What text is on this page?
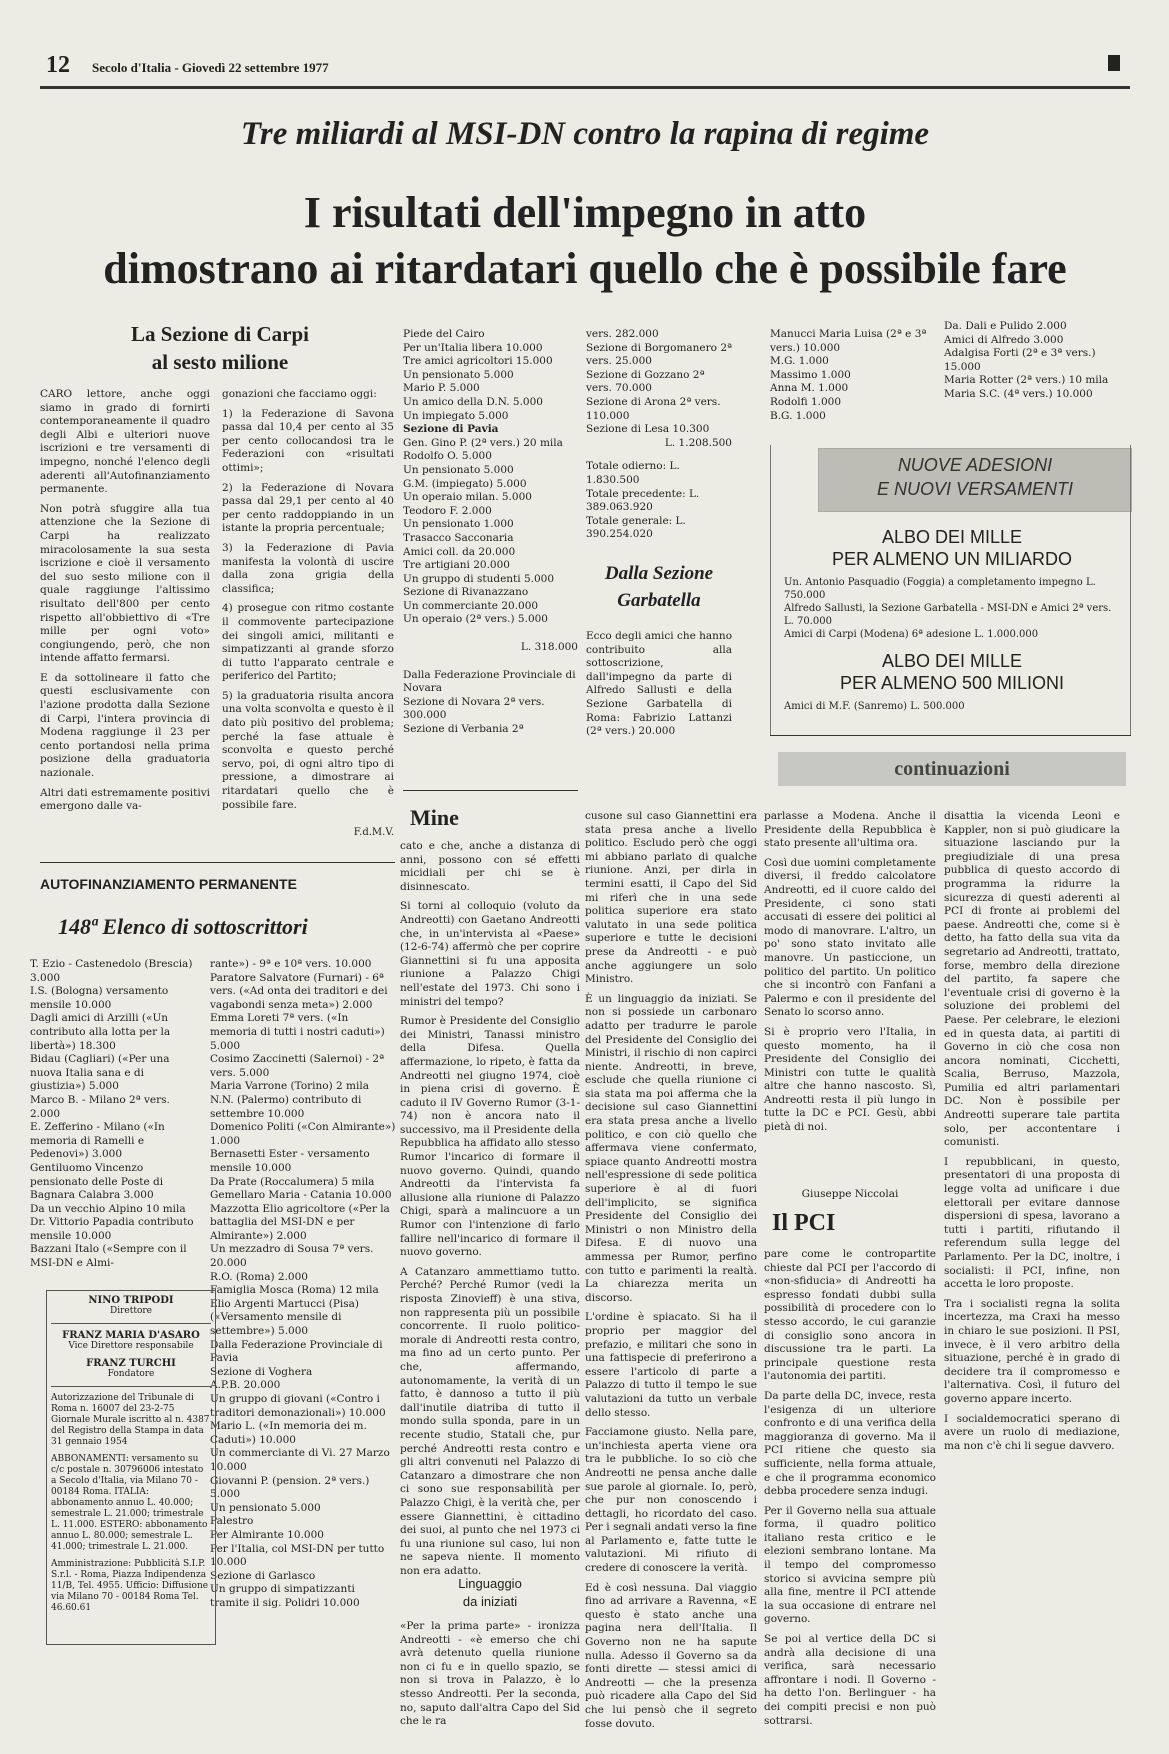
12 Secolo d'Italia - Giovedì 22 settembre 1977
Tre miliardi al MSI-DN contro la rapina di regime
I risultati dell'impegno in atto
dimostrano ai ritardatari quello che è possibile fare
La Sezione di Carpi
al sesto milione

CARO lettore, anche oggi siamo in grado di fornirti contemporaneamente il quadro degli Albi e ulteriori nuove iscrizioni e tre versamenti di impegno, nonché l'elenco degli aderenti all'Autofinanziamento permanente.

Non potrà sfuggire alla tua attenzione che la Sezione di Carpi ha realizzato miracolosamente la sua sesta iscrizione e cioè il versamento del suo sesto milione con il quale raggiunge l'altissimo risultato dell'800 per cento rispetto all'obbiettivo di «Tre mille per ogni voto» congiungendo, però, che non intende affatto fermarsi.

E da sottolineare il fatto che questi esclusivamente con l'azione prodotta dalla Sezione di Carpi, l'intera provincia di Modena raggiunge il 23 per cento portandosi nella prima posizione della graduatoria nazionale.

Altri dati estremamente positivi emergono dalle va-

gonazioni che facciamo oggi:

1) la Federazione di Savona passa dal 10,4 per cento al 35 per cento collocandosi tra le Federazioni con «risultati ottimi»;

2) la Federazione di Novara passa dal 29,1 per cento al 40 per cento raddoppiando in un istante la propria percentuale;

3) la Federazione di Pavia manifesta la volontà di uscire dalla zona grigia della classifica;

4) prosegue con ritmo costante il commovente partecipazione dei singoli amici, militanti e simpatizzanti al grande sforzo di tutto l'apparato centrale e periferico del Partito;

5) la graduatoria risulta ancora una volta sconvolta e questo è il dato più positivo del problema; perché la fase attuale è sconvolta e questo perché servo, poi, di ogni altro tipo di pressione, a dimostrare ai ritardatari quello che è possibile fare.

F.d.M.V.
Piede del Cairo
Per un'Italia libera 10.000
Tre amici agricoltori 15.000
Un pensionato 5.000
Mario P. 5.000
Un amico della D.N. 5.000
Un impiegato 5.000
Sezione di Pavia
Gen. Gino P. (2ª vers.) 20 mila
Rodolfo O. 5.000
Un pensionato 5.000
G.M. (impiegato) 5.000
Un operaio milan. 5.000
Teodoro F. 2.000
Un pensionato 1.000
Trasacco Sacconaria
Amici coll. da 20.000
Tre artigiani 20.000
Un gruppo di studenti 5.000
Sezione di Rivanazzano
Un commerciante 20.000
Un operaio (2ª vers.) 5.000
L. 318.000
Dalla Federazione Provinciale di Novara
Sezione di Novara 2ª vers. 300.000
Sezione di Verbania 2ª
vers. 282.000
Sezione di Borgomanero 2ª vers. 25.000
Sezione di Gozzano 2ª vers. 70.000
Sezione di Arona 2ª vers. 110.000
Sezione di Lesa 10.300
L. 1.208.500
Totale odierno: L. 1.830.500
Totale precedente: L. 389.063.920
Totale generale: L. 390.254.020
Dalla Sezione
Garbatella
Ecco degli amici che hanno contribuito alla sottoscrizione, dall'impegno da parte di Alfredo Sallusti e della Sezione Garbatella di Roma: Fabrizio Lattanzi (2ª vers.) 20.000
Manucci Maria Luisa (2ª e 3ª vers.) 10.000
M.G. 1.000
Massimo 1.000
Anna M. 1.000
Rodolfi 1.000
B.G. 1.000
Da. Dali e Pulido 2.000
Amici di Alfredo 3.000
Adalgisa Forti (2ª e 3ª vers.) 15.000
Maria Rotter (2ª vers.) 10 mila
Maria S.C. (4ª vers.) 10.000
NUOVE ADESIONI
E NUOVI VERSAMENTI
ALBO DEI MILLE
PER ALMENO UN MILIARDO
Un. Antonio Pasquadio (Foggia) a completamento impegno L. 750.000
Alfredo Sallusti, la Sezione Garbatella - MSI-DN e Amici 2ª vers. L. 70.000
Amici di Carpi (Modena) 6ª adesione L. 1.000.000
ALBO DEI MILLE
PER ALMENO 500 MILIONI
Amici di M.F. (Sanremo) L. 500.000
continuazioni
AUTOFINANZIAMENTO PERMANENTE
148ª Elenco di sottoscrittori
T. Ezio - Castenedolo (Brescia) 3.000
I.S. (Bologna) versamento mensile 10.000
Dagli amici di Arzilli («Un contributo alla lotta per la libertà») 18.300
Bidau (Cagliari) («Per una nuova Italia sana e di giustizia») 5.000
Marco B. - Milano 2ª vers. 2.000
E. Zefferino - Milano («In memoria di Ramelli e Pedenovi») 3.000
Gentiluomo Vincenzo pensionato delle Poste di Bagnara Calabra 3.000
Da un vecchio Alpino 10 mila
Dr. Vittorio Papadia contributo mensile 10.000
Bazzani Italo («Sempre con il MSI-DN e Almi-
rante») - 9ª e 10ª vers. 10.000
Paratore Salvatore (Furnari) - 6ª vers. («Ad onta dei traditori e dei vagabondi senza meta») 2.000
Emma Loreti 7ª vers. («In memoria di tutti i nostri caduti») 5.000
Cosimo Zaccinetti (Salernoi) - 2ª vers. 5.000
Maria Varrone (Torino) 2 mila
N.N. (Palermo) contributo di settembre 10.000
Domenico Politi («Con Almirante») 1.000
Bernasetti Ester - versamento mensile 10.000
Da Prate (Roccalumera) 5 mila
Gemellaro Maria - Catania 10.000
Mazzotta Elio agricoltore («Per la battaglia del MSI-DN e per Almirante») 2.000
Un mezzadro di Sousa 7ª vers. 20.000
R.O. (Roma) 2.000
Famiglia Mosca (Roma) 12 mila
Elio Argenti Martucci (Pisa) («Versamento mensile di settembre») 5.000
Dalla Federazione Provinciale di Pavia
Sezione di Voghera
A.P.B. 20.000
Un gruppo di giovani («Contro i traditori demonazionali») 10.000
Mario L. («In memoria dei m. Caduti») 10.000
Un commerciante di Vi. 27 Marzo 10.000
Giovanni P. (pension. 2ª vers.) 5.000
Un pensionato 5.000
Palestro
Per Almirante 10.000
Per l'Italia, col MSI-DN per tutto 10.000
Sezione di Garlasco
Un gruppo di simpatizzanti tramite il sig. Polidri 10.000
NINO TRIPODI
Direttore
FRANZ MARIA D'ASARO
Vice Direttore responsabile
FRANZ TURCHI
Fondatore

Autorizzazione del Tribunale di Roma n. 16007 del 23-2-75 Giornale Murale iscritto al n. 4387 del Registro della Stampa in data 31 gennaio 1954

ABBONAMENTI: versamento su c/c postale n. 30796006 intestato a Secolo d'Italia, via Milano 70 - 00184 Roma. ITALIA: abbonamento annuo L. 40.000; semestrale L. 21.000; trimestrale L. 11.000. ESTERO: abbonamento annuo L. 80.000; semestrale L. 41.000; trimestrale L. 21.000.

Amministrazione: Pubblicità S.I.P. S.r.l. - Roma, Piazza Indipendenza 11/B, Tel. 4955. Ufficio: Diffusione via Milano 70 - 00184 Roma Tel. 46.60.61

Mine

cato e che, anche a distanza di anni, possono con sé effetti micidiali per chi se è disinnescato.

Si torni al colloquio (voluto da Andreotti) con Gaetano Andreotti che, in un'intervista al «Paese» (12-6-74) affermò che per coprire Giannettini si fu una apposita riunione a Palazzo Chigi nell'estate del 1973. Chi sono i ministri del tempo?

Rumor è Presidente del Consiglio dei Ministri, Tanassi ministro della Difesa. Quella affermazione, lo ripeto, è fatta da Andreotti nel giugno 1974, cioè in piena crisi di governo. È caduto il IV Governo Rumor (3-1-74) non è ancora nato il successivo, ma il Presidente della Repubblica ha affidato allo stesso Rumor l'incarico di formare il nuovo governo. Quindi, quando Andreotti da l'intervista fa allusione alla riunione di Palazzo Chigi, sparà a malincuore a un Rumor con l'intenzione di farlo fallire nell'incarico di formare il nuovo governo.

A Catanzaro ammettiamo tutto. Perché? Perché Rumor (vedi la risposta Zinovieff) è una stiva, non rappresenta più un possibile concorrente. Il ruolo politico-morale di Andreotti resta contro, ma fino ad un certo punto. Per che, affermando, autonomamente, la verità di un fatto, è dannoso a tutto il più dall'inutile diatriba di tutto il mondo sulla sponda, pare in un recente studio, Statali che, pur perché Andreotti resta contro e gli altri convenuti nel Palazzo di Catanzaro a dimostrare che non ci sono sue responsabilità per Palazzo Chigi, è la verità che, per essere Giannettini, è cittadino dei suoi, al punto che nel 1973 ci fu una riunione sul caso, lui non ne sapeva niente. Il momento non era adatto.

Linguaggio
da iniziati
«Per la prima parte» - ironizza Andreotti - «è emerso che chi avrà detenuto quella riunione non ci fu e in quello spazio, se non si trova in Palazzo, è lo stesso Andreotti. Per la seconda, no, saputo dall'altra Capo del Sid che le ra

cusone sul caso Giannettini era stata presa anche a livello politico. Escludo però che oggi mi abbiano parlato di qualche riunione. Anzi, per dirla in termini esatti, il Capo del Sid mi riferì che in una sede politica superiore era stato valutato in una sede politica superiore e tutte le decisioni prese da Andreotti - e può anche aggiungere un solo Ministro.

È un linguaggio da iniziati. Se non si possiede un carbonaro adatto per tradurre le parole del Presidente del Consiglio dei Ministri, il rischio di non capirci niente. Andreotti, in breve, esclude che quella riunione ci sia stata ma poi afferma che la decisione sul caso Giannettini era stata presa anche a livello politico, e con ciò quello che affermava viene confermato, spiace quanto Andreotti mostra nell'espressione di sede politica superiore è al di fuori dell'implicito, se significa Presidente del Consiglio dei Ministri o non Ministro della Difesa. E di nuovo una ammessa per Rumor, perfino con tutto e parimenti la realtà. La chiarezza merita un discorso.

L'ordine è spiacato. Si ha il proprio per maggior del prefazio, e militari che sono in una fattispecie di preferirono a essere l'articolo di parte a Palazzo di tutto il tempo le sue valutazioni da tutto un verbale dello stesso.

Facciamone giusto. Nella pare, un'inchiesta aperta viene ora tra le pubbliche. Io so ciò che Andreotti ne pensa anche dalle sue parole al giornale. Io, però, che pur non conoscendo i dettagli, ho ricordato del caso. Per i segnali andati verso la fine al Parlamento e, fatte tutte le valutazioni. Mi rifiuto di credere di conoscere la verità.

Ed è così nessuna. Dal viaggio fino ad arrivare a Ravenna, «E questo è stato anche una pagina nera dell'Italia. Il Governo non ne ha sapute nulla. Adesso il Governo sa da fonti dirette — stessi amici di Andreotti — che la presenza può ricadere alla Capo del Sid che lui pensò che il segreto fosse dovuto.

parlasse a Modena. Anche il Presidente della Repubblica è stato presente all'ultima ora.

Così due uomini completamente diversi, il freddo calcolatore Andreotti, ed il cuore caldo del Presidente, ci sono stati accusati di essere dei politici al modo di manovrare. L'altro, un po' sono stato invitato alle manovre. Un pasticcione, un politico del partito. Un politico che si incontrò con Fanfani a Palermo e con il presidente del Senato lo scorso anno.

Si è proprio vero l'Italia, in questo momento, ha il Presidente del Consiglio dei Ministri con tutte le qualità altre che hanno nascosto. Sì, Andreotti resta il più lungo in tutte la DC e PCI. Gesù, abbi pietà di noi.

Giuseppe Niccolai
Il PCI

pare come le contropartite chieste dal PCI per l'accordo di «non-sfiducia» di Andreotti ha espresso fondati dubbi sulla possibilità di procedere con lo stesso accordo, le cui garanzie di consiglio sono ancora in discussione tra le parti. La principale questione resta l'autonomia dei partiti.

Da parte della DC, invece, resta l'esigenza di un ulteriore confronto e di una verifica della maggioranza di governo. Ma il PCI ritiene che questo sia sufficiente, nella forma attuale, e che il programma economico debba procedere senza indugi.

Per il Governo nella sua attuale forma, il quadro politico italiano resta critico e le elezioni sembrano lontane. Ma il tempo del compromesso storico si avvicina sempre più alla fine, mentre il PCI attende la sua occasione di entrare nel governo.

Se poi al vertice della DC si andrà alla decisione di una verifica, sarà necessario affrontare i nodi. Il Governo - ha detto l'on. Berlinguer - ha dei compiti precisi e non può sottrarsi.

disattia la vicenda Leoni e Kappler, non si può giudicare la situazione lasciando pur la pregiudiziale di una presa pubblica di questo accordo di programma la ridurre la sicurezza di questi aderenti al PCI di fronte ai problemi del paese. Andreotti che, come si è detto, ha fatto della sua vita da segretario ad Andreotti, trattato, forse, membro della direzione del partito, fa sapere che l'eventuale crisi di governo è la soluzione dei problemi del Paese. Per celebrare, le elezioni ed in questa data, ai partiti di Governo in ciò che cosa non ancora nominati, Cicchetti, Scalia, Berruso, Mazzola, Pumilia ed altri parlamentari DC. Non è possibile per Andreotti superare tale partita solo, per accontentare i comunisti.

I repubblicani, in questo, presentatori di una proposta di legge volta ad unificare i due elettorali per evitare dannose dispersioni di spesa, lavorano a tutti i partiti, rifiutando il referendum sulla legge del Parlamento. Per la DC, inoltre, i socialisti: il PCI, infine, non accetta le loro proposte.

Tra i socialisti regna la solita incertezza, ma Craxi ha messo in chiaro le sue posizioni. Il PSI, invece, è il vero arbitro della situazione, perché è in grado di decidere tra il compromesso e l'alternativa. Così, il futuro del governo appare incerto.

I socialdemocratici sperano di avere un ruolo di mediazione, ma non c'è chi li segue davvero.
